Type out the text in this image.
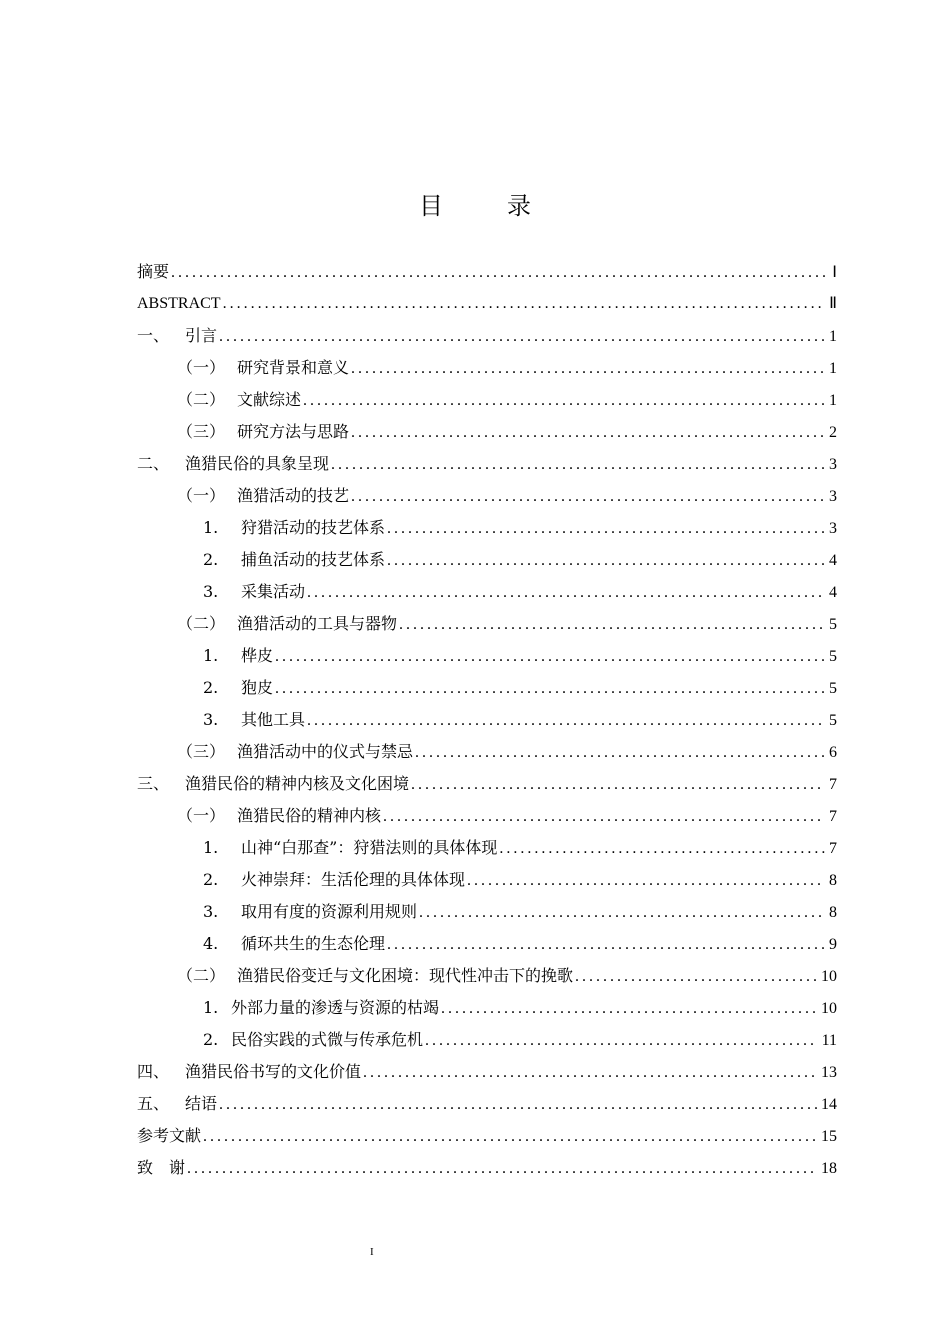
目　录
摘要 .....	Ⅰ
ABSTRACT .....	Ⅱ
一、 引言 .....	1
（一） 研究背景和意义 .....	1
（二） 文献综述 .....	1
（三） 研究方法与思路 .....	2
二、 渔猎民俗的具象呈现 .....	3
（一） 渔猎活动的技艺 .....	3
1.	狩猎活动的技艺体系 .....	3
2.	捕鱼活动的技艺体系 .....	4
3.	采集活动 .....	4
（二） 渔猎活动的工具与器物 .....	5
1.	桦皮 .....	5
2.	狍皮 .....	5
3.	其他工具 .....	5
（三） 渔猎活动中的仪式与禁忌 .....	6
三、 渔猎民俗的精神内核及文化困境 .....	7
（一） 渔猎民俗的精神内核 .....	7
1.	山神“白那查”：狩猎法则的具体体现 .....	7
2.	火神崇拜：生活伦理的具体体现 .....	8
3.	取用有度的资源利用规则 .....	8
4.	循环共生的生态伦理 .....	9
（二） 渔猎民俗变迁与文化困境：现代性冲击下的挽歌 .....	10
1. 外部力量的渗透与资源的枯竭 .....	10
2. 民俗实践的式微与传承危机 .....	11
四、 渔猎民俗书写的文化价值 .....	13
五、 结语 .....	14
参考文献 .....	15
致　谢 .....	18
I
